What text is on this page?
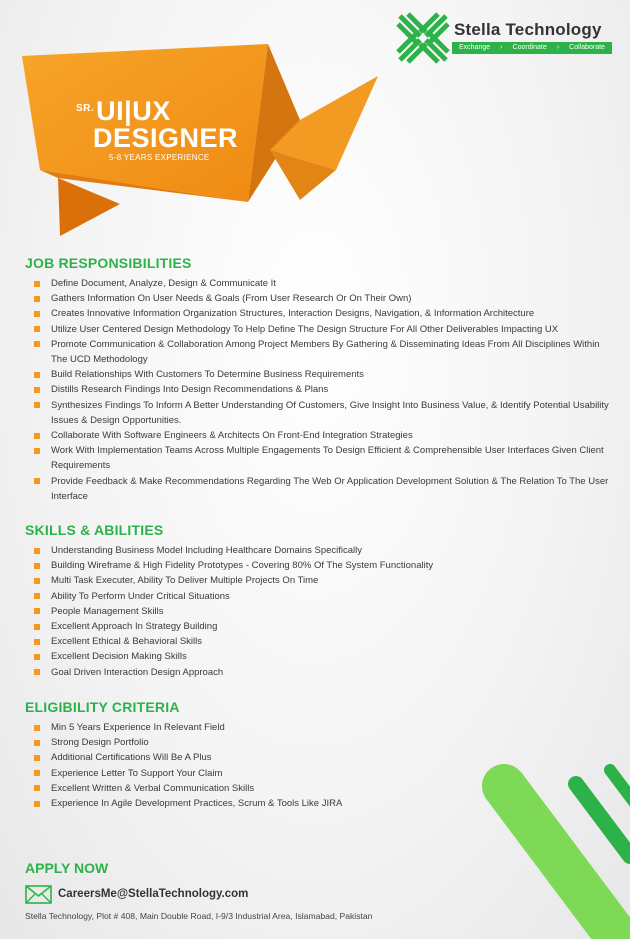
SR. UI|UX
DESIGNER
5-8 YEARS EXPERIENCE
Stella Technology
Exchange › Coordinate › Collaborate
JOB RESPONSIBILITIES
Define Document, Analyze, Design & Communicate It
Gathers Information On User Needs & Goals (From User Research Or On Their Own)
Creates Innovative Information Organization Structures, Interaction Designs, Navigation, & Information Architecture
Utilize User Centered Design Methodology To Help Define The Design Structure For All Other Deliverables Impacting UX
Promote Communication & Collaboration Among Project Members By Gathering & Disseminating Ideas From All Disciplines Within The UCD Methodology
Build Relationships With Customers To Determine Business Requirements
Distills Research Findings Into Design Recommendations & Plans
Synthesizes Findings To Inform A Better Understanding Of Customers, Give Insight Into Business Value, & Identify Potential Usability Issues & Design Opportunities.
Collaborate With Software Engineers & Architects On Front-End Integration Strategies
Work With Implementation Teams Across Multiple Engagements To Design Efficient & Comprehensible User Interfaces Given Client Requirements
Provide Feedback & Make Recommendations Regarding The Web Or Application Development Solution & The Relation To The User Interface
SKILLS & ABILITIES
Understanding Business Model Including Healthcare Domains Specifically
Building Wireframe & High Fidelity Prototypes - Covering 80% Of The System Functionality
Multi Task Executer, Ability To Deliver Multiple Projects On Time
Ability To Perform Under Critical Situations
People Management Skills
Excellent Approach In Strategy Building
Excellent Ethical & Behavioral Skills
Excellent Decision Making Skills
Goal Driven Interaction Design Approach
ELIGIBILITY CRITERIA
Min 5 Years Experience In Relevant Field
Strong Design Portfolio
Additional Certifications Will Be A Plus
Experience Letter To Support Your Claim
Excellent Written & Verbal Communication Skills
Experience In Agile Development Practices, Scrum & Tools Like JIRA
APPLY NOW
CareersMe@StellaTechnology.com
Stella Technology, Plot # 408, Main Double Road, I-9/3 Industrial Area, Islamabad, Pakistan
